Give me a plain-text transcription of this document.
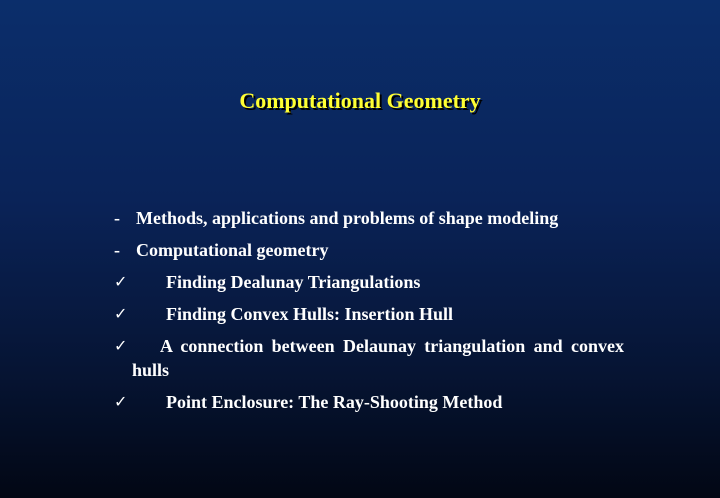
Computational Geometry
- Methods, applications and problems of shape modeling
- Computational geometry
✓	Finding Dealunay Triangulations
✓	Finding Convex Hulls: Insertion Hull
✓	A connection between Delaunay triangulation and convex hulls
✓	Point Enclosure: The Ray-Shooting Method
